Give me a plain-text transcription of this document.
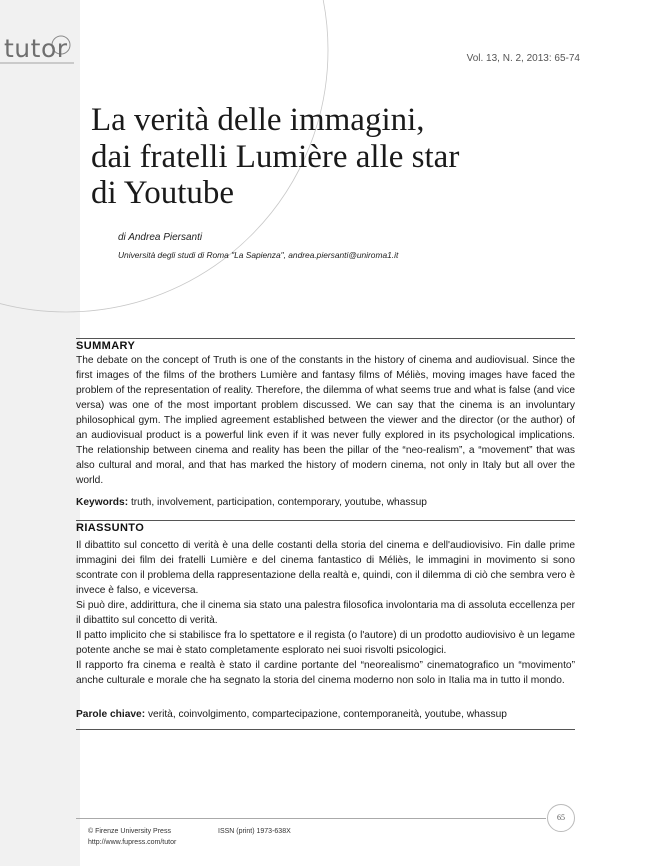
tutor	Vol. 13, N. 2, 2013: 65-74
La verità delle immagini,
dai fratelli Lumière alle star
di Youtube
di Andrea Piersanti
Università degli studi di Roma "La Sapienza", andrea.piersanti@uniroma1.it
SUMMARY

The debate on the concept of Truth is one of the constants in the history of cinema and audiovisual. Since the first images of the films of the brothers Lumière and fantasy films of Méliès, moving images have faced the problem of the representation of reality. Therefore, the dilemma of what seems true and what is false (and vice versa) was one of the most important problem discussed. We can say that the cinema is an involuntary philosophical gym. The implied agreement established between the viewer and the director (or the author) of an audiovisual product is a powerful link even if it was never fully explored in its psychological implications. The relationship between cinema and reality has been the pillar of the “neo-realism”, a “movement” that was also cultural and moral, and that has marked the history of modern cinema, not only in Italy but all over the world.

Keywords: truth, involvement, participation, contemporary, youtube, whassup
RIASSUNTO

Il dibattito sul concetto di verità è una delle costanti della storia del cinema e dell'audiovisivo. Fin dalle prime immagini dei film dei fratelli Lumière e del cinema fantastico di Méliès, le immagini in movimento si sono scontrate con il problema della rappresentazione della realtà e, quindi, con il dilemma di ciò che sembra vero è invece è falso, e viceversa.

Si può dire, addirittura, che il cinema sia stato una palestra filosofica involontaria ma di assoluta eccellenza per il dibattito sul concetto di verità.

Il patto implicito che si stabilisce fra lo spettatore e il regista (o l'autore) di un prodotto audiovisivo è un legame potente anche se mai è stato completamente esplorato nei suoi risvolti psicologici.

Il rapporto fra cinema e realtà è stato il cardine portante del “neorealismo” cinematografico un “movimento” anche culturale e morale che ha segnato la storia del cinema moderno non solo in Italia ma in tutto il mondo.

Parole chiave: verità, coinvolgimento, compartecipazione, contemporaneità, youtube, whassup
65
© Firenze University Press	ISSN (print) 1973-638X
http://www.fupress.com/tutor
